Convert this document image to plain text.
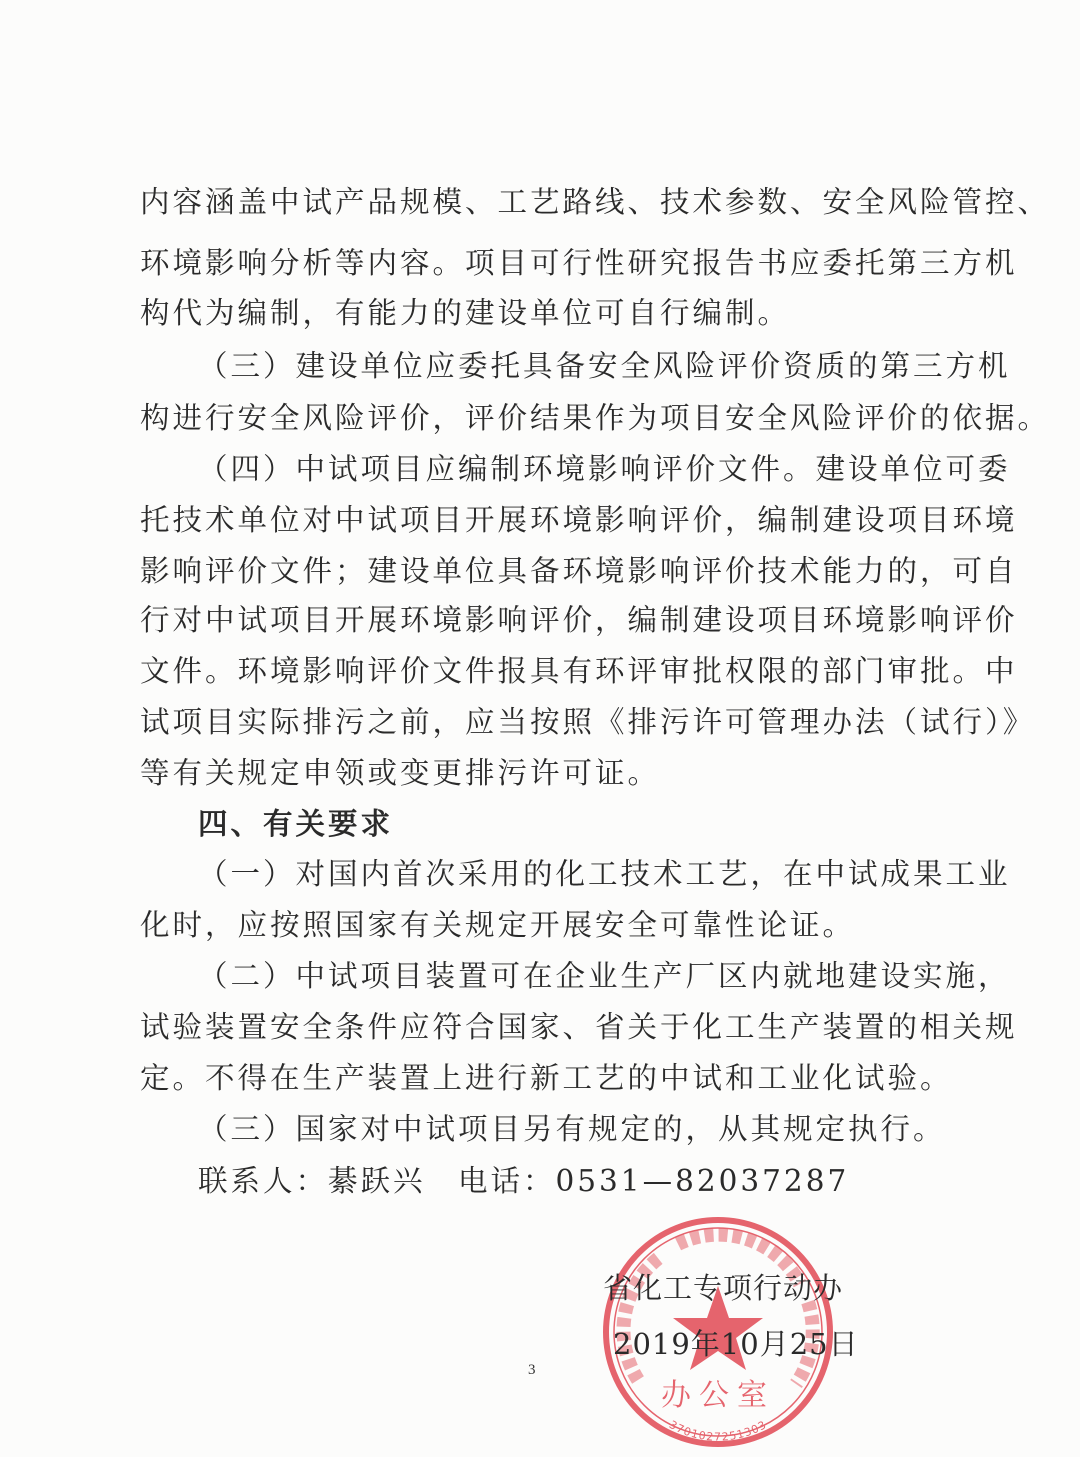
内容涵盖中试产品规模、工艺路线、技术参数、安全风险管控、
环境影响分析等内容。项目可行性研究报告书应委托第三方机
构代为编制，有能力的建设单位可自行编制。
（三）建设单位应委托具备安全风险评价资质的第三方机
构进行安全风险评价，评价结果作为项目安全风险评价的依据。
（四）中试项目应编制环境影响评价文件。建设单位可委
托技术单位对中试项目开展环境影响评价，编制建设项目环境
影响评价文件；建设单位具备环境影响评价技术能力的，可自
行对中试项目开展环境影响评价，编制建设项目环境影响评价
文件。环境影响评价文件报具有环评审批权限的部门审批。中
试项目实际排污之前，应当按照《排污许可管理办法（试行）》
等有关规定申领或变更排污许可证。
四、有关要求
（一）对国内首次采用的化工技术工艺，在中试成果工业
化时，应按照国家有关规定开展安全可靠性论证。
（二）中试项目装置可在企业生产厂区内就地建设实施，
试验装置安全条件应符合国家、省关于化工生产装置的相关规
定。不得在生产装置上进行新工艺的中试和工业化试验。
（三）国家对中试项目另有规定的，从其规定执行。
联系人：綦跃兴　电话：0531—82037287
办公室
3701027251303
省化工专项行动办
2019年10月25日
3
